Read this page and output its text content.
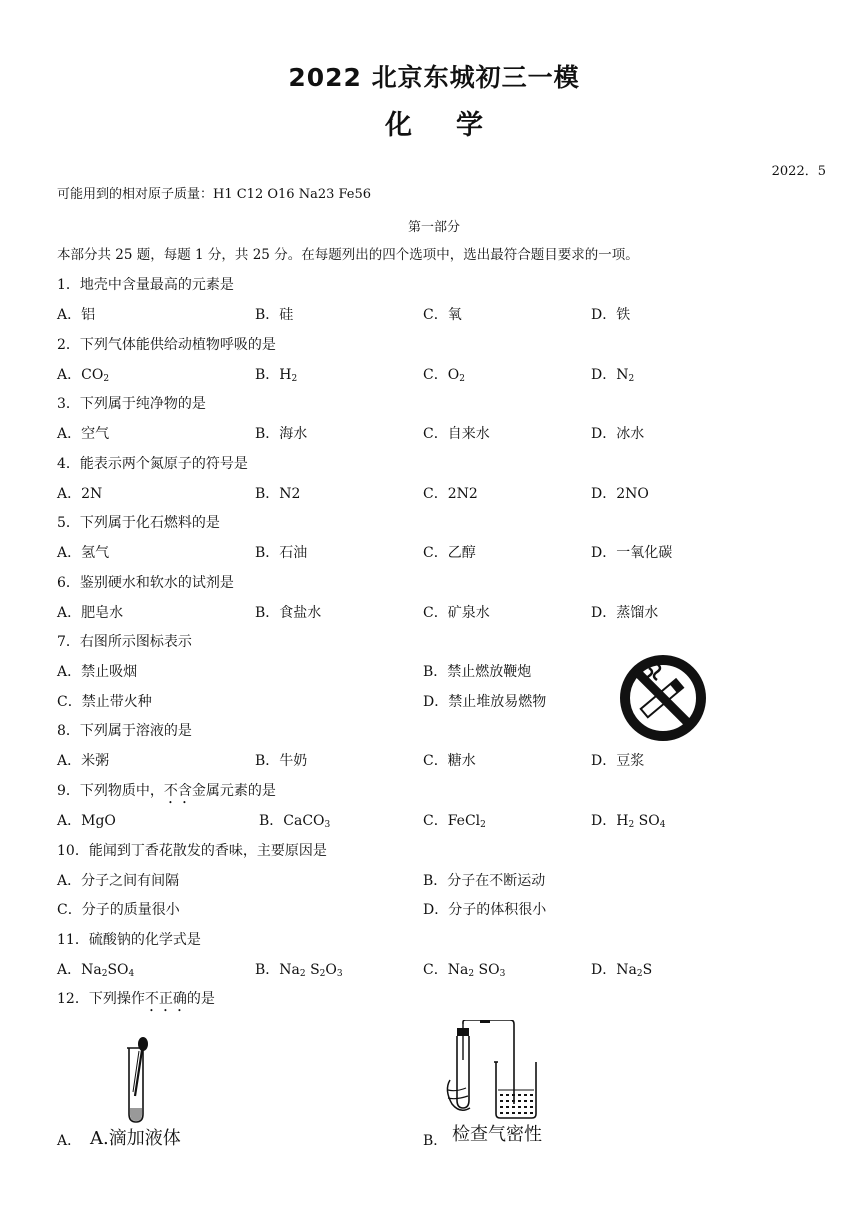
2022 北京东城初三一模
化 学
2022．5
可能用到的相对原子质量：H1 C12 O16 Na23 Fe56
第一部分
本部分共 25 题，每题 1 分，共 25 分。在每题列出的四个选项中，选出最符合题目要求的一项。
1．地壳中含量最高的元素是
A．铝	B．硅	C．氧	D．铁
2．下列气体能供给动植物呼吸的是
A．$CO_2$	B．$H_2$	C．$O_2$	D．$N_2$
3．下列属于纯净物的是
A．空气	B．海水	C．自来水	D．冰水
4．能表示两个氮原子的符号是
A．2N	B．N2	C．2N2	D．2NO
5．下列属于化石燃料的是
A．氢气	B．石油	C．乙醇	D．一氧化碳
6．鉴别硬水和软水的试剂是
A．肥皂水	B．食盐水	C．矿泉水	D．蒸馏水
7．右图所示图标表示
A．禁止吸烟	B．禁止燃放鞭炮
C．禁止带火种	D．禁止堆放易燃物
8．下列属于溶液的是
A．米粥	B．牛奶	C．糖水	D．豆浆
9．下列物质中，不含金属元素的是
A．MgO	B．CaCO$_3$	C．FeCl$_2$	D．$H_2$ $SO_4$
10．能闻到丁香花散发的香味，主要原因是
A．分子之间有间隔	B．分子在不断运动
C．分子的质量很小	D．分子的体积很小
11．硫酸钠的化学式是
A．$Na_2SO_4$	B．$Na_2$ $S_2O_3$	C．$Na_2$ $SO_3$	D．$Na_2S$
12．下列操作不正确的是
A． A.滴加液体	B． 检查气密性
